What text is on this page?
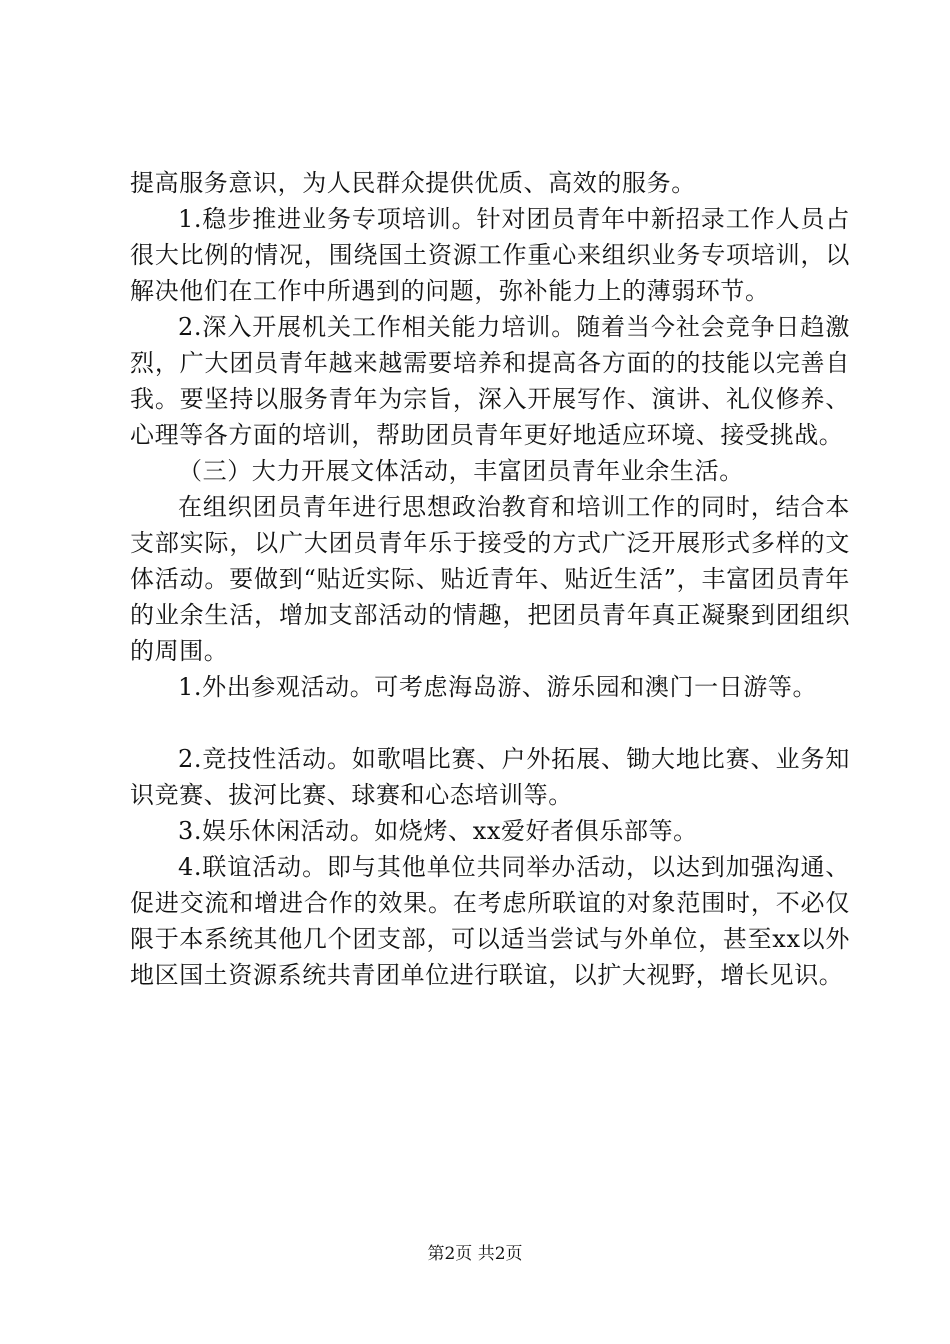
提高服务意识，为人民群众提供优质、高效的服务。

1.稳步推进业务专项培训。针对团员青年中新招录工作人员占很大比例的情况，围绕国土资源工作重心来组织业务专项培训，以解决他们在工作中所遇到的问题，弥补能力上的薄弱环节。

2.深入开展机关工作相关能力培训。随着当今社会竞争日趋激烈，广大团员青年越来越需要培养和提高各方面的的技能以完善自我。要坚持以服务青年为宗旨，深入开展写作、演讲、礼仪修养、心理等各方面的培训，帮助团员青年更好地适应环境、接受挑战。

（三）大力开展文体活动，丰富团员青年业余生活。

在组织团员青年进行思想政治教育和培训工作的同时，结合本支部实际，以广大团员青年乐于接受的方式广泛开展形式多样的文体活动。要做到“贴近实际、贴近青年、贴近生活”，丰富团员青年的业余生活，增加支部活动的情趣，把团员青年真正凝聚到团组织的周围。

1.外出参观活动。可考虑海岛游、游乐园和澳门一日游等。

2.竞技性活动。如歌唱比赛、户外拓展、锄大地比赛、业务知识竞赛、拔河比赛、球赛和心态培训等。

3.娱乐休闲活动。如烧烤、xx爱好者俱乐部等。

4.联谊活动。即与其他单位共同举办活动，以达到加强沟通、促进交流和增进合作的效果。在考虑所联谊的对象范围时，不必仅限于本系统其他几个团支部，可以适当尝试与外单位，甚至xx以外地区国土资源系统共青团单位进行联谊，以扩大视野，增长见识。

第2页 共2页
